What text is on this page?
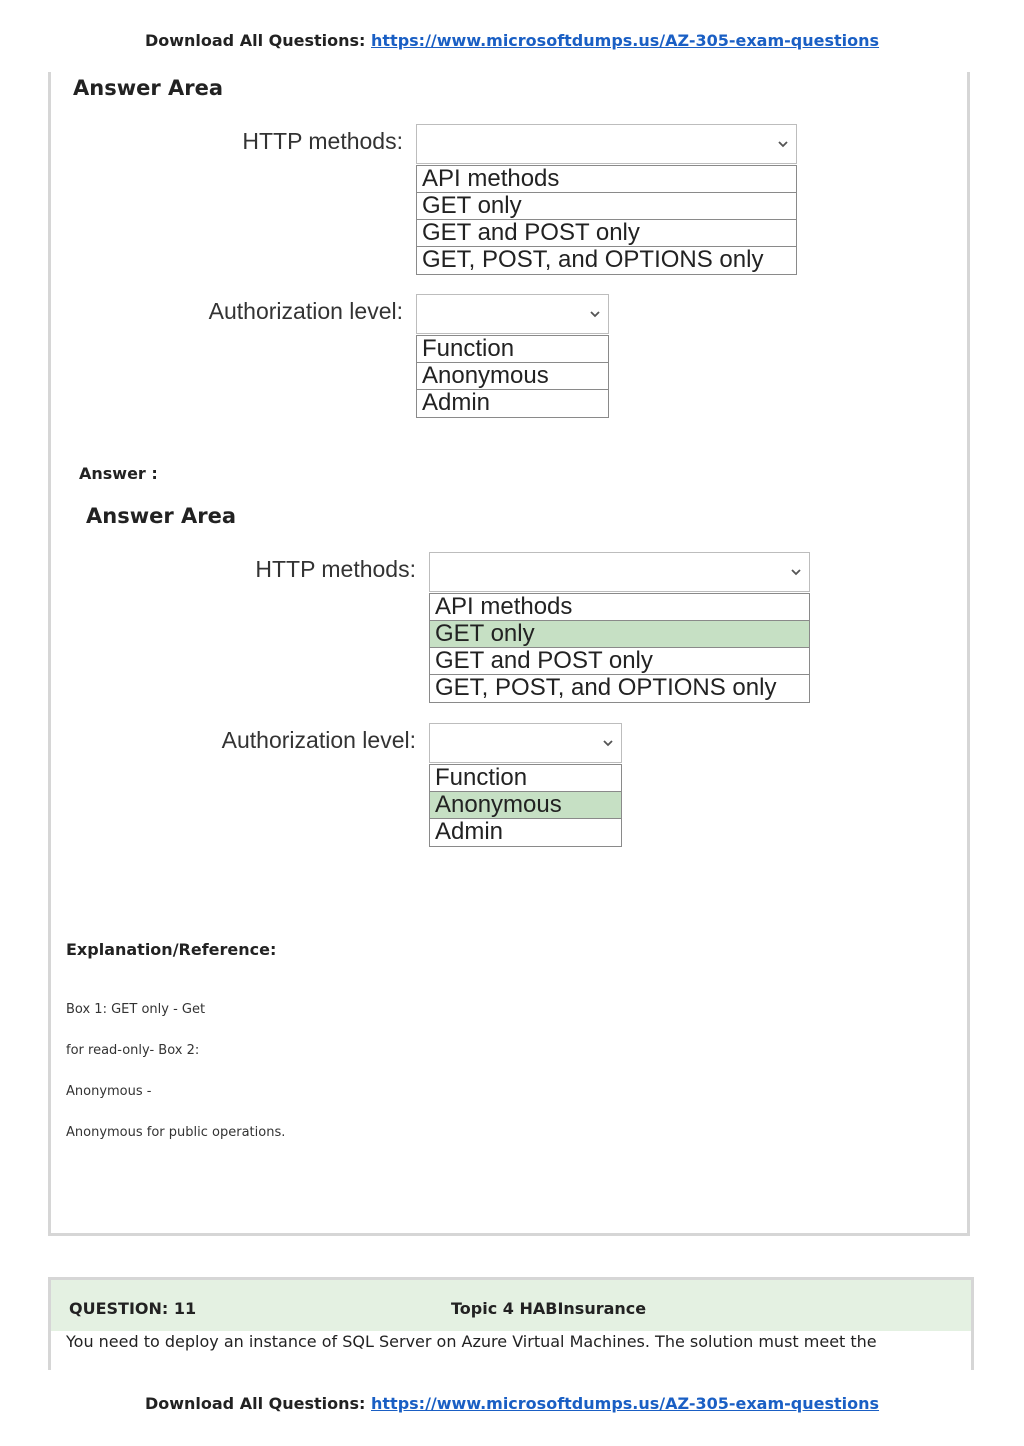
Download All Questions: https://www.microsoftdumps.us/AZ-305-exam-questions
Answer Area
HTTP methods:
API methods
GET only
GET and POST only
GET, POST, and OPTIONS only
Authorization level:
Function
Anonymous
Admin
Answer :
Answer Area
HTTP methods:
API methods
GET only
GET and POST only
GET, POST, and OPTIONS only
Authorization level:
Function
Anonymous
Admin
Explanation/Reference:
Box 1: GET only - Get
for read-only- Box 2:
Anonymous -
Anonymous for public operations.
QUESTION: 11	Topic 4 HABInsurance
You need to deploy an instance of SQL Server on Azure Virtual Machines. The solution must meet the
Download All Questions: https://www.microsoftdumps.us/AZ-305-exam-questions
